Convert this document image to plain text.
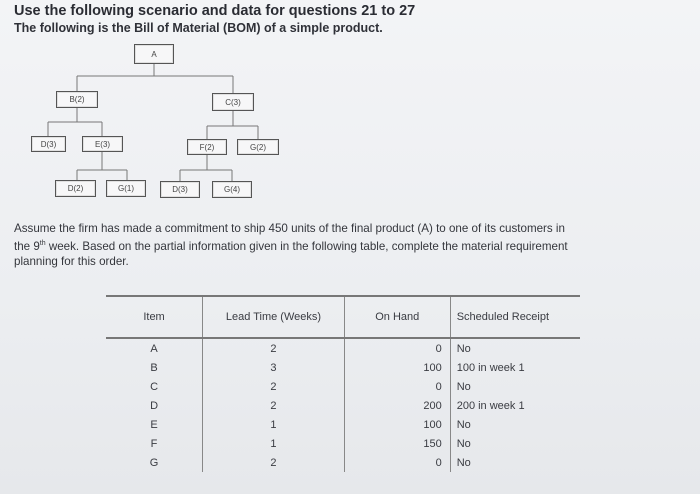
Use the following scenario and data for questions 21 to 27
The following is the Bill of Material (BOM) of a simple product.
A
B(2)	C(3)
D(3)	E(3)	F(2)	G(2)
D(2)	G(1)	D(3)	G(4)
Assume the firm has made a commitment to ship 450 units of the final product (A) to one of its customers in
the 9th week. Based on the partial information given in the following table, complete the material requirement
planning for this order.
Item	Lead Time (Weeks)	On Hand	Scheduled Receipt
A	2	0	No
B	3	100	100 in week 1
C	2	0	No
D	2	200	200 in week 1
E	1	100	No
F	1	150	No
G	2	0	No
